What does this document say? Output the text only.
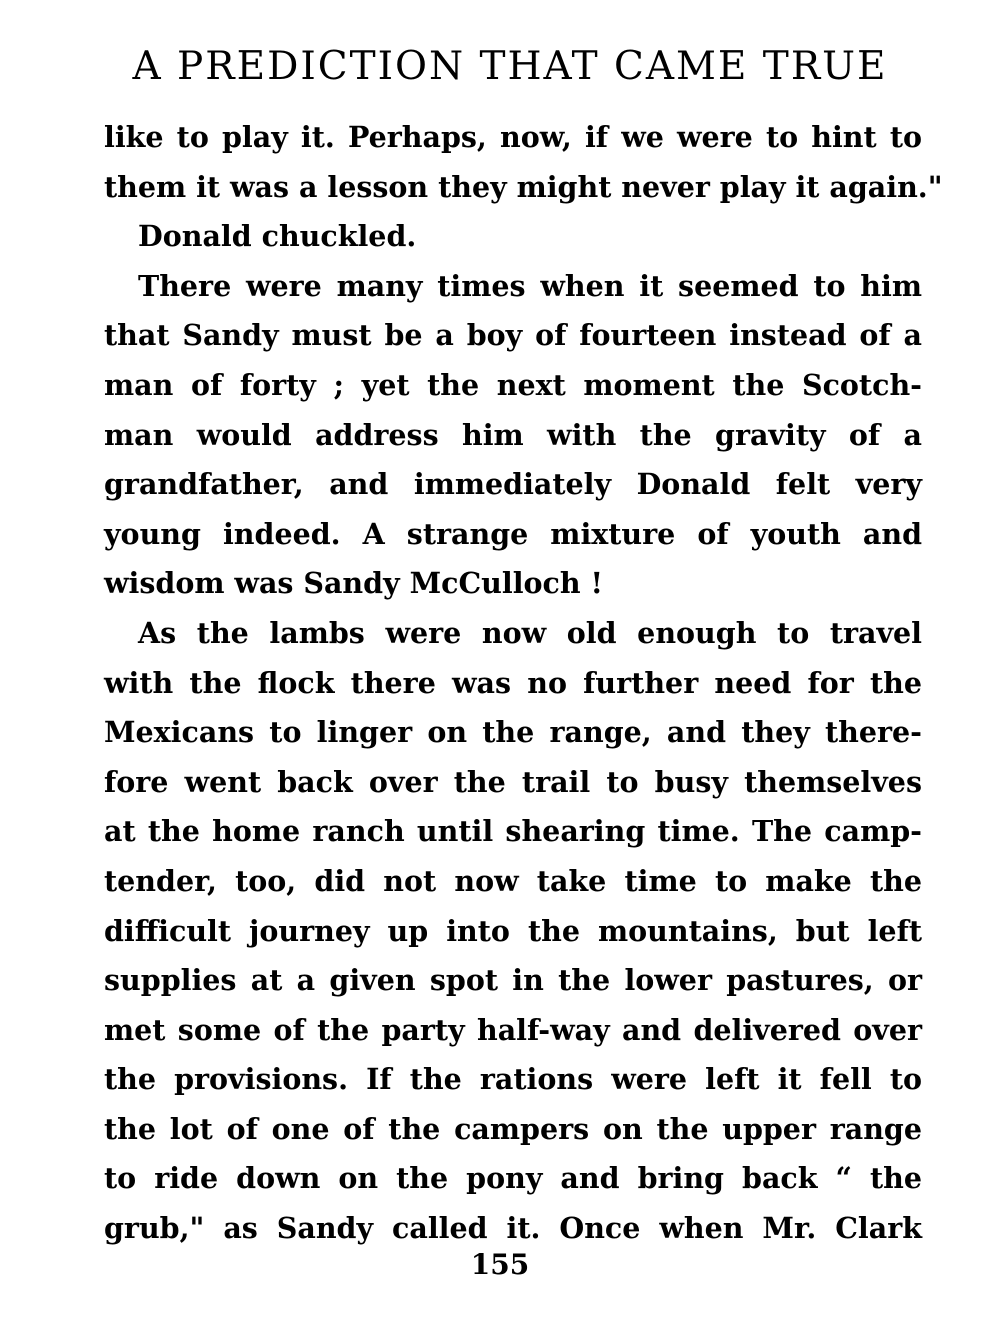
A PREDICTION THAT CAME TRUE
like to play it. Perhaps, now, if we were to hint to
them it was a lesson they might never play it again."
Donald chuckled.
There were many times when it seemed to him
that Sandy must be a boy of fourteen instead of a
man of forty ; yet the next moment the Scotch-
man would address him with the gravity of a
grandfather, and immediately Donald felt very
young indeed. A strange mixture of youth and
wisdom was Sandy McCulloch !
As the lambs were now old enough to travel
with the flock there was no further need for the
Mexicans to linger on the range, and they there-
fore went back over the trail to busy themselves
at the home ranch until shearing time. The camp-
tender, too, did not now take time to make the
difficult journey up into the mountains, but left
supplies at a given spot in the lower pastures, or
met some of the party half-way and delivered over
the provisions. If the rations were left it fell to
the lot of one of the campers on the upper range
to ride down on the pony and bring back “ the
grub," as Sandy called it. Once when Mr. Clark
155
